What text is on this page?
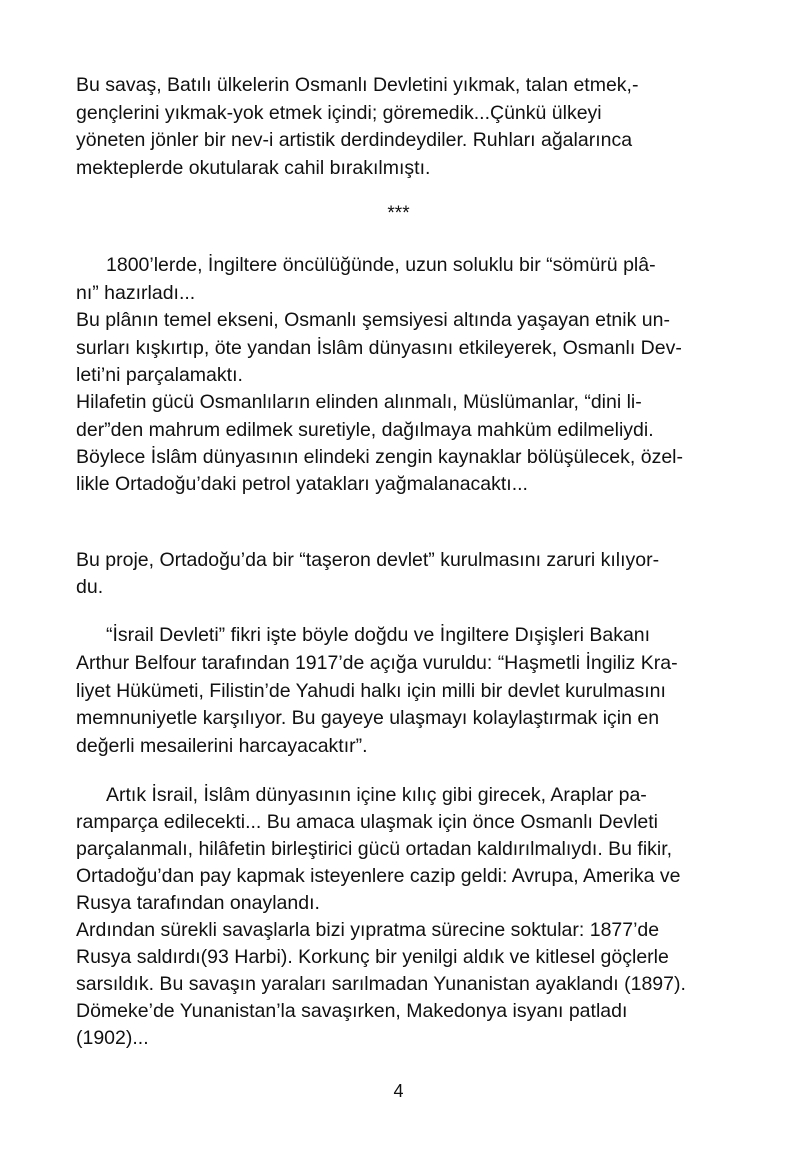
Bu savaş, Batılı ülkelerin Osmanlı Devletini yıkmak, talan etmek,-

gençlerini yıkmak-yok etmek içindi; göremedik...Çünkü ülkeyi

yöneten jönler bir nev-i artistik derdindeydiler. Ruhları ağalarınca

mekteplerde okutularak cahil bırakılmıştı.

***

1800’lerde, İngiltere öncülüğünde, uzun soluklu bir “sömürü plâ-

nı” hazırladı...

Bu plânın temel ekseni, Osmanlı şemsiyesi altında yaşayan etnik un-

surları kışkırtıp, öte yandan İslâm dünyasını etkileyerek, Osmanlı Dev-

leti’ni parçalamaktı.

Hilafetin gücü Osmanlıların elinden alınmalı, Müslümanlar, “dini li-

der”den mahrum edilmek suretiyle, dağılmaya mahküm edilmeliydi.

Böylece İslâm dünyasının elindeki zengin kaynaklar bölüşülecek, özel-

likle Ortadoğu’daki petrol yatakları yağmalanacaktı...

Bu proje, Ortadoğu’da bir “taşeron devlet” kurulmasını zaruri kılıyor-

du.

“İsrail Devleti” fikri işte böyle doğdu ve İngiltere Dışişleri Bakanı

Arthur Belfour tarafından 1917’de açığa vuruldu: “Haşmetli İngiliz Kra-

liyet Hükümeti, Filistin’de Yahudi halkı için milli bir devlet kurulmasını

memnuniyetle karşılıyor. Bu gayeye ulaşmayı kolaylaştırmak için en

değerli mesailerini harcayacaktır”.

Artık İsrail, İslâm dünyasının içine kılıç gibi girecek, Araplar pa-

ramparça edilecekti... Bu amaca ulaşmak için önce Osmanlı Devleti

parçalanmalı, hilâfetin birleştirici gücü ortadan kaldırılmalıydı. Bu fikir,

Ortadoğu’dan pay kapmak isteyenlere cazip geldi: Avrupa, Amerika ve

Rusya tarafından onaylandı.

Ardından sürekli savaşlarla bizi yıpratma sürecine soktular: 1877’de

Rusya saldırdı(93 Harbi). Korkunç bir yenilgi aldık ve kitlesel göçlerle

sarsıldık. Bu savaşın yaraları sarılmadan Yunanistan ayaklandı (1897).

Dömeke’de Yunanistan’la savaşırken, Makedonya isyanı patladı

(1902)...

4
